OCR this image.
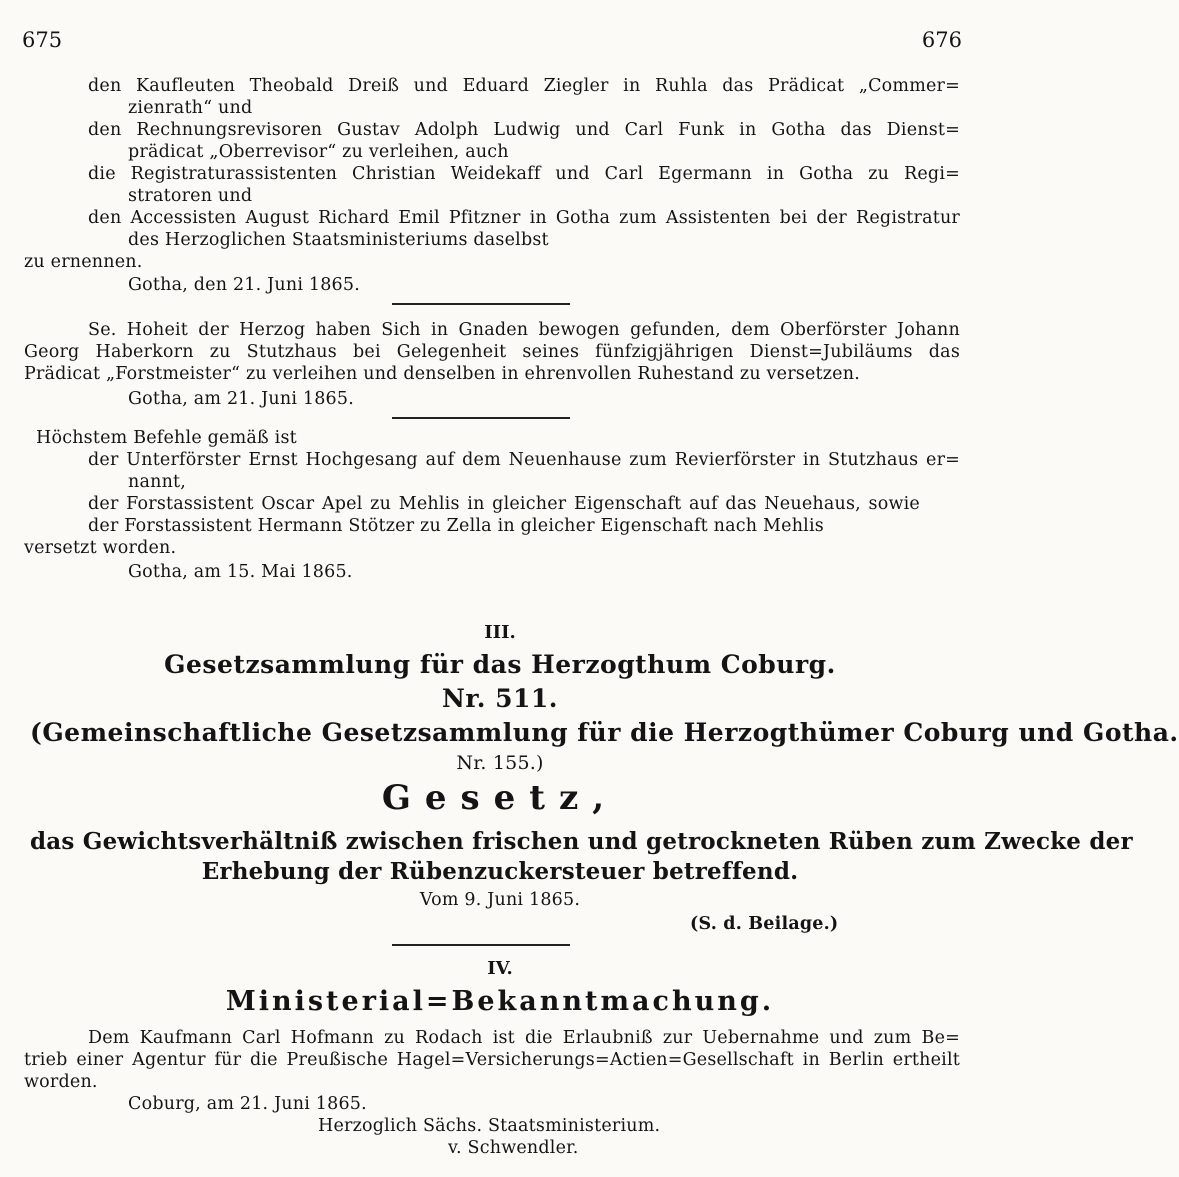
675	676
den Kaufleuten Theobald Dreiß und Eduard Ziegler in Ruhla das Prädicat „Commer=
zienrath“ und
den Rechnungsrevisoren Gustav Adolph Ludwig und Carl Funk in Gotha das Dienst=
prädicat „Oberrevisor“ zu verleihen, auch
die Registraturassistenten Christian Weidekaff und Carl Egermann in Gotha zu Regi=
stratoren und
den Accessisten August Richard Emil Pfitzner in Gotha zum Assistenten bei der Registratur
des Herzoglichen Staatsministeriums daselbst
zu ernennen.
Gotha, den 21. Juni 1865.
Se. Hoheit der Herzog haben Sich in Gnaden bewogen gefunden, dem Oberförster Johann
Georg Haberkorn zu Stutzhaus bei Gelegenheit seines fünfzigjährigen Dienst=Jubiläums das
Prädicat „Forstmeister“ zu verleihen und denselben in ehrenvollen Ruhestand zu versetzen.
Gotha, am 21. Juni 1865.
Höchstem Befehle gemäß ist
der Unterförster Ernst Hochgesang auf dem Neuenhause zum Revierförster in Stutzhaus er=
nannt,
der Forstassistent Oscar Apel zu Mehlis in gleicher Eigenschaft auf das Neuehaus, sowie
der Forstassistent Hermann Stötzer zu Zella in gleicher Eigenschaft nach Mehlis
versetzt worden.
Gotha, am 15. Mai 1865.
III.
Gesetzsammlung für das Herzogthum Coburg.
Nr. 511.
(Gemeinschaftliche Gesetzsammlung für die Herzogthümer Coburg und Gotha.
Nr. 155.)
Gesetz,
das Gewichtsverhältniß zwischen frischen und getrockneten Rüben zum Zwecke der
Erhebung der Rübenzuckersteuer betreffend.
Vom 9. Juni 1865.
(S. d. Beilage.)
IV.
Ministerial=Bekanntmachung.
Dem Kaufmann Carl Hofmann zu Rodach ist die Erlaubniß zur Uebernahme und zum Be=
trieb einer Agentur für die Preußische Hagel=Versicherungs=Actien=Gesellschaft in Berlin ertheilt
worden.
Coburg, am 21. Juni 1865.
Herzoglich Sächs. Staatsministerium.
v. Schwendler.
